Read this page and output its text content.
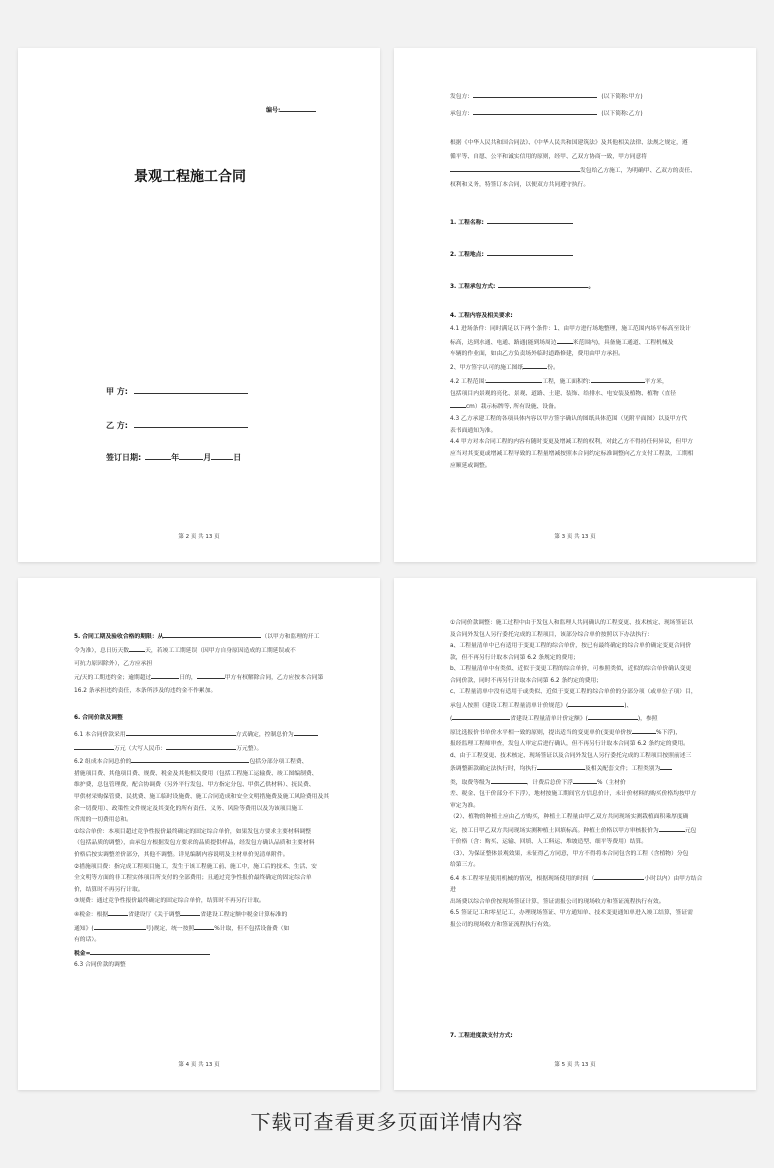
编号:
景观工程施工合同
甲 方:
乙 方:
签订日期:	年	月	日
第 2 页 共 13 页

发包方:	(以下简称:甲方)

承包方:	(以下简称:乙方)

根据《中华人民共和国合同法》、《中华人民共和国建筑法》及其他相关法律、法规之规定，遵

循平等、自愿、公平和诚实信用的原则，经甲、乙双方协商一致，甲方同意将

发包给乙方施工，为明确甲、乙双方的责任、

权利和义务，特签订本合同，以便双方共同遵守执行。

1. 工程名称:
2. 工程地点:
3. 工程承包方式:	。
4. 工程内容及相关要求:

4.1 进场条件：同时满足以下两个条件：1、由甲方进行场地整理，施工范围内场平标高至设计

标高，达到水通、电通、路通(能到场周边	米范围内)，具备施工通道、工程机械及

车辆的作业面，如由乙方负责场外临时道路修建，费用由甲方承担。

2、甲方签字认可的施工图纸	份。

4.2 工程范围:	工程，施工面积约:	平方米，

包括项目内景观的亮化、景观、道路、土建、装饰、给排水、电安装及植物、植物（直径

cm）栽示标牌等, 所有设施、设备。

4.3 乙方承建工程的各项具体内容以甲方签字确认的图纸具体范围（见附平面图）以及甲方代

表书面通知为准。

4.4 甲方对本合同工程的内容有随时变更及增减工程的权利，对此乙方不得持任何异议，但甲方

应当对其变更或增减工程导致的工程量增减按照本合同约定标准调整向乙方支付工程款，工期相

应顺延或调整。

第 3 页 共 13 页

5. 合同工期及验收合格的期限：从	（以甲方和监理的开工

令为准），总日历天数	天，若竣工工期延误（因甲方自身原因造成的工期延误或不

可抗力原因除外），乙方应承担

元/天的工期违约金；逾期超过	日的，	甲方有权解除合同，乙方应按本合同第 16.2 条承担违约责任，本条所涉及的违约金不作累加。

6. 合同价款及调整

6.1 本合同价款采用	方式确定，控制总价为

万元（大写人民币：	万元整）。

6.2 组成本合同总价的	包括分部分项工程费、

措施项目费、其他项目费、规费、税金及其他相关费用（包括工程施工运输费、竣工图编制费、

维护费，总包管理费，配合协调费（另外平行发包、甲方指定分包、甲供乙供材料）、抚民费、

甲供材采购保管费、民扰费、施工临时设施费、施工合同造成和安全文明措施费及施工风险费用及其

余一切费用）、政策性文件规定及其变化的所有责任、义务、风险等费用以及为该项目施工

所需的一切费用总和。

①综合单价：本项目超过竞争性报价最终确定的固定综合单价，如果发包方要求主要材料调整

（包括品质的调整），由承包方根据发包方要求的品质提供样品，经发包方确认品质和主要材料

价格后按实调整差价部分，其他不调整。详见编制内容说明及主材单价见清单附件。

②措施项目费：指完成工程项目施工，发生于该工程施工前、施工中，施工后的技术、生活、安

全文明等方面的非工程实体项目所支付的全部费用；且通过竞争性报价最终确定的固定综合单

价，结算时不再另行计取。

③规费：通过竞争性报价最终确定的固定综合单价，结算时不再另行计取。

④税金：根据	省建设厅《关于调整	省建设工程定额中税金计算标准的

通知》(	号)规定，统一按照	%计取，但不包括设备费（如

有的话）。

税金=

6.3 合同价款的调整

第 4 页 共 13 页

①合同价款调整：施工过程中由于发包人和监理人共同确认的工程变更、技术核定、现场签证以

及合同外发包人另行委托完成的工程项目，该部分综合单价按照以下办法执行：

a、工程量清单中已有适用于变更工程的综合单价，按已有最终确定的综合单价确定变更合同价

款，但不再另行计取本合同第 6.2 条规定的费用；

b、工程量清单中有类似、近似于变更工程的综合单价，可参照类似，近似的综合单价确认变更

合同价款，同时不再另行计取本合同第 6.2 条约定的费用；

c、工程量清单中没有适用于或类似、近似于变更工程的综合单价的分部分项（或单位子项）目，

承包人按照《建设工程工程量清单计价规范》(	)、

(	省建设工程量清单计价定额》(	)，参照

原比选报价书单价水平相一致的原则，提出适当的变更单价(变更单价按	%下浮)，

报经监理工程师审查，发包人审定后进行确认，但不再另行计取本合同第 6.2 条约定的费用。

d、由于工程变更、技术核定、现场签证以及合同外发包人另行委托完成的工程项目按照前述三

条调整新款确定法执行时，均执行	及相关配套文件；工程类别为

类，取费等级为	，计费后总价下浮	%（主材价

差、税金、包干价部分不下浮），地材按施工期间官方信息价计，未计价材料的购买价格均按甲方

审定为准。

（2）、植物的种植土应由乙方购买，种植土工程量由甲乙双方共同现场实测栽植面积乘厚度确

定，按工日甲乙双方共同现场实测种植土回填标高。种植土价格以甲方审核报价为	元包

干价格（含：购买、运输、回填、人工料运、堆坡造型、细平等费用）结算。

（3）、为保证整体景观效果，未征得乙方同意，甲方不得将本合同包含的工程（含植物）分包

给第三方。

6.4 本工程零星使用机械的情况，根据现场使用的时间（	小时以内）由甲方结合进

出场费以综合单价按现场签证计算，签证需报公司的现场收方和签证流程执行有效。

6.5 签证记工和零星记工，办理现场签证、甲方通知单、技术变更通知单进入竣工结算，签证需

报公司的现场收方和签证流程执行有效。

7. 工程进度款支付方式:
第 5 页 共 13 页
下载可查看更多页面详情内容
